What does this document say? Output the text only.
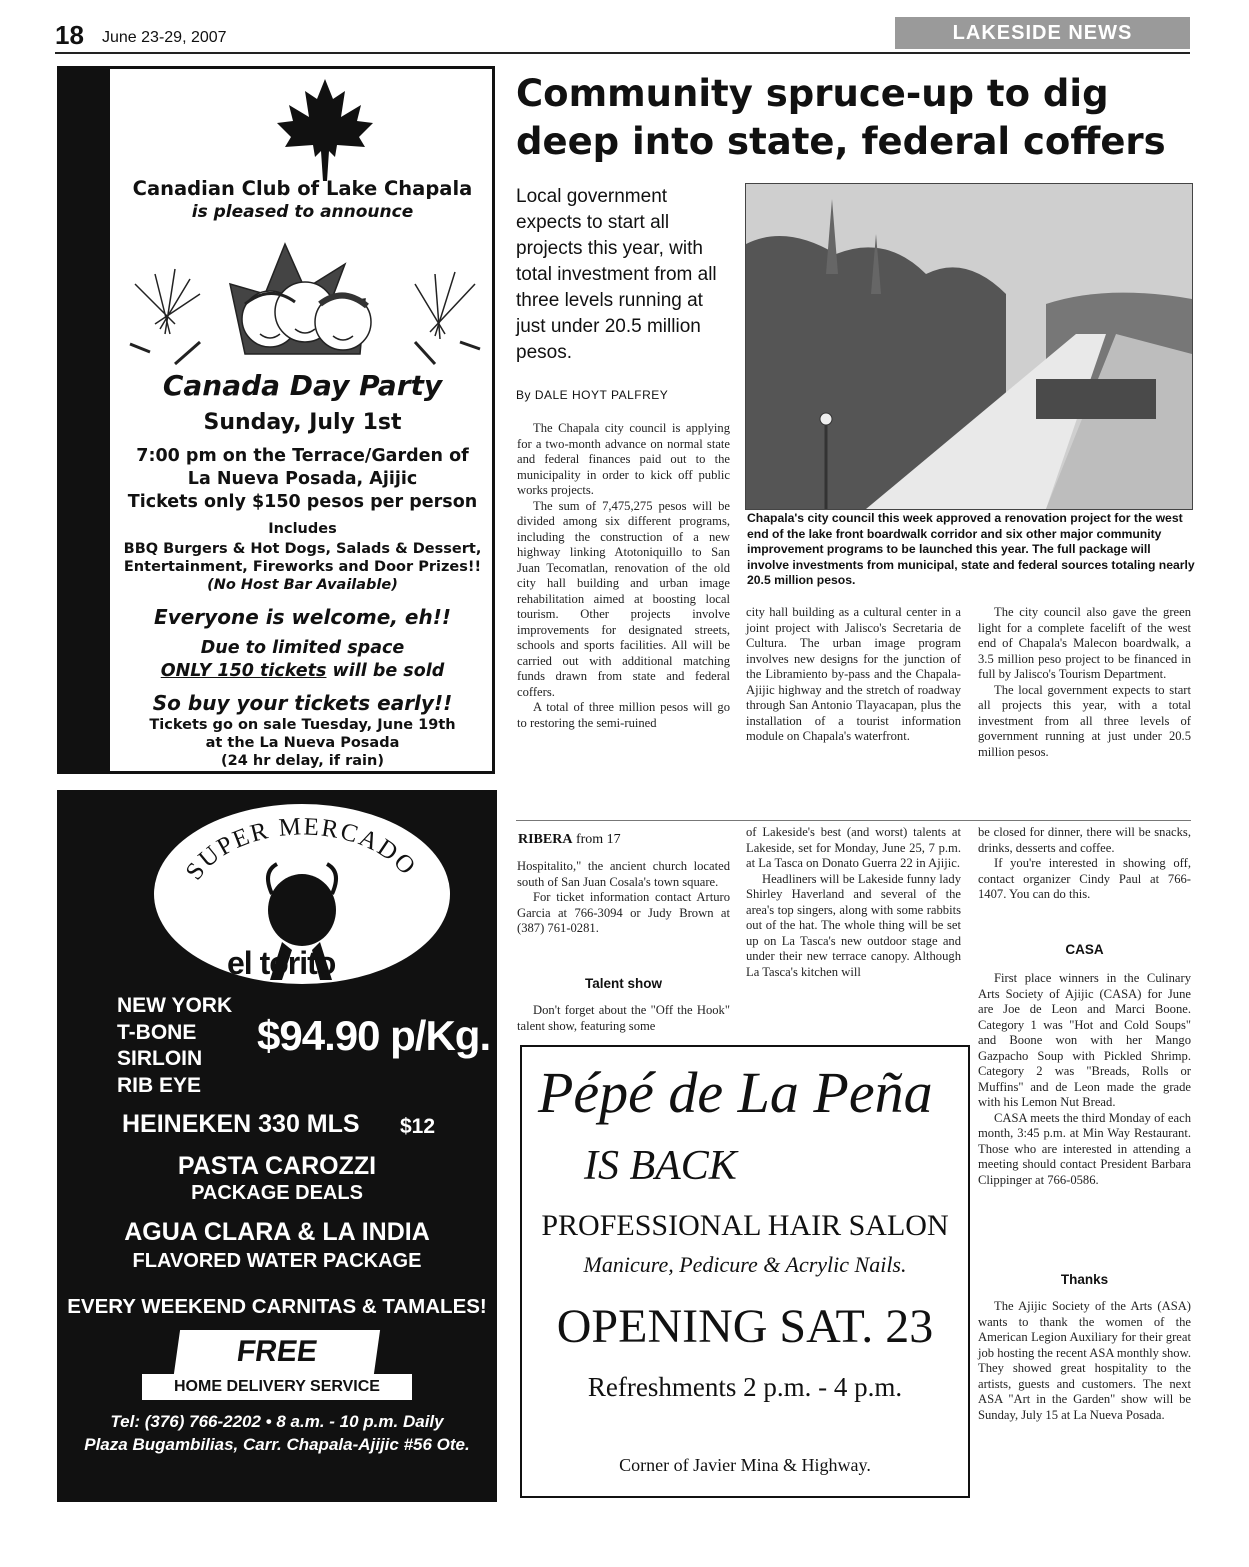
18 June 23-29, 2007	LAKESIDE NEWS
Canadian Club of Lake Chapala
is pleased to announce
Canada Day Party
Sunday, July 1st
7:00 pm on the Terrace/Garden of
La Nueva Posada, Ajijic
Tickets only $150 pesos per person
Includes
BBQ Burgers & Hot Dogs, Salads & Dessert,
Entertainment, Fireworks and Door Prizes!!
(No Host Bar Available)
Everyone is welcome, eh!!
Due to limited space
ONLY 150 tickets will be sold
So buy your tickets early!!
Tickets go on sale Tuesday, June 19th
at the La Nueva Posada
(24 hr delay, if rain)
SUPER MERCADO
el torito
NEW YORK
T-BONE
SIRLOIN
RIB EYE
$94.90 p/Kg.
HEINEKEN 330 MLS $12
PASTA CAROZZI
PACKAGE DEALS
AGUA CLARA & LA INDIA
FLAVORED WATER PACKAGE
EVERY WEEKEND CARNITAS & TAMALES!
FREE
HOME DELIVERY SERVICE
Tel: (376) 766-2202 • 8 a.m. - 10 p.m. Daily
Plaza Bugambilias, Carr. Chapala-Ajijic #56 Ote.
Community spruce-up to dig deep into state, federal coffers
Local government expects to start all projects this year, with total investment from all three levels running at just under 20.5 million pesos.
By DALE HOYT PALFREY

The Chapala city council is applying for a two-month advance on normal state and federal finances paid out to the municipality in order to kick off public works projects.

The sum of 7,475,275 pesos will be divided among six different programs, including the construction of a new highway linking Atotoniquillo to San Juan Tecomatlan, renovation of the old city hall building and urban image rehabilitation aimed at boosting local tourism. Other projects involve improvements for designated streets, schools and sports facilities. All will be carried out with additional matching funds drawn from state and federal coffers.

A total of three million pesos will go to restoring the semi-ruined

Chapala's city council this week approved a renovation project for the west end of the lake front boardwalk corridor and six other major community improvement programs to be launched this year. The full package will involve investments from municipal, state and federal sources totaling nearly 20.5 million pesos.

city hall building as a cultural center in a joint project with Jalisco's Secretaria de Cultura. The urban image program involves new designs for the junction of the Libramiento by-pass and the Chapala-Ajijic highway and the stretch of roadway through San Antonio Tlayacapan, plus the installation of a tourist information module on Chapala's waterfront.

The city council also gave the green light for a complete facelift of the west end of Chapala's Malecon boardwalk, a 3.5 million peso project to be financed in full by Jalisco's Tourism Department.

The local government expects to start all projects this year, with a total investment from all three levels of government running at just under 20.5 million pesos.

RIBERA from 17

Hospitalito," the ancient church located south of San Juan Cosala's town square.

For ticket information contact Arturo Garcia at 766-3094 or Judy Brown at (387) 761-0281.

Talent show

Don't forget about the "Off the Hook" talent show, featuring some

of Lakeside's best (and worst) talents at Lakeside, set for Monday, June 25, 7 p.m. at La Tasca on Donato Guerra 22 in Ajijic.

Headliners will be Lakeside funny lady Shirley Haverland and several of the area's top singers, along with some rabbits out of the hat. The whole thing will be set up on La Tasca's new outdoor stage and under their new terrace canopy. Although La Tasca's kitchen will

be closed for dinner, there will be snacks, drinks, desserts and coffee.

If you're interested in showing off, contact organizer Cindy Paul at 766-1407. You can do this.

CASA

First place winners in the Culinary Arts Society of Ajijic (CASA) for June are Joe de Leon and Marci Boone. Category 1 was "Hot and Cold Soups" and Boone won with her Mango Gazpacho Soup with Pickled Shrimp. Category 2 was "Breads, Rolls or Muffins" and de Leon made the grade with his Lemon Nut Bread.

CASA meets the third Monday of each month, 3:45 p.m. at Min Way Restaurant. Those who are interested in attending a meeting should contact President Barbara Clippinger at 766-0586.

Thanks

The Ajijic Society of the Arts (ASA) wants to thank the women of the American Legion Auxiliary for their great job hosting the recent ASA monthly show. They showed great hospitality to the artists, guests and customers. The next ASA "Art in the Garden" show will be Sunday, July 15 at La Nueva Posada.

Pépé de La Peña
IS BACK
PROFESSIONAL HAIR SALON
Manicure, Pedicure & Acrylic Nails.
OPENING SAT. 23
Refreshments 2 p.m. - 4 p.m.
Corner of Javier Mina & Highway.
